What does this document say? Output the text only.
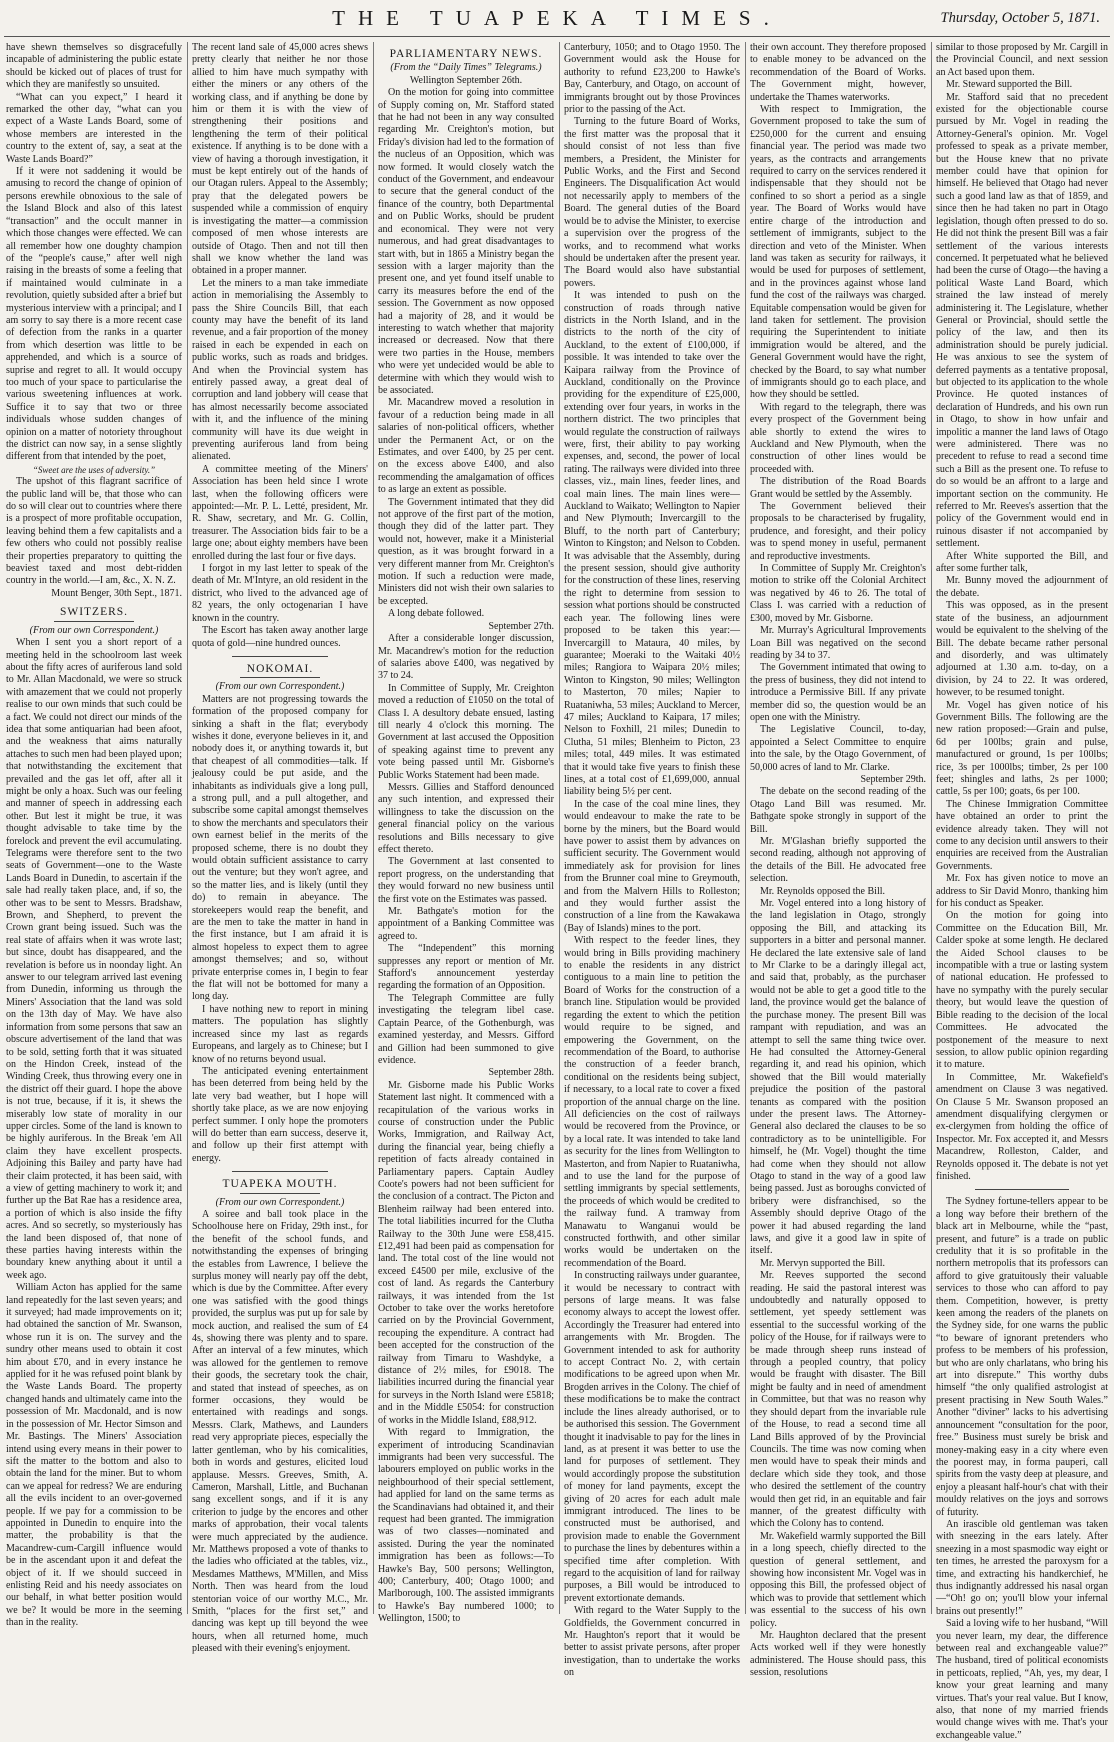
THE TUAPEKA TIMES.	Thursday, October 5, 1871.

have shewn themselves so disgracefully incapable of administering the public estate should be kicked out of places of trust for which they are manifestly so unsuited.

“What can you expect,” I heard it remarked the other day, “what can you expect of a Waste Lands Board, some of whose members are interested in the country to the extent of, say, a seat at the Waste Lands Board?”

If it were not saddening it would be amusing to record the change of opinion of persons erewhile obnoxious to the sale of the Island Block and also of this latest “transaction” and the occult manner in which those changes were effected. We can all remember how one doughty champion of the “people's cause,” after well nigh raising in the breasts of some a feeling that if maintained would culminate in a revolution, quietly subsided after a brief but mysterious interview with a principal; and I am sorry to say there is a more recent case of defection from the ranks in a quarter from which desertion was little to be apprehended, and which is a source of suprise and regret to all. It would occupy too much of your space to particularise the various sweetening influences at work. Suffice it to say that two or three individuals whose sudden changes of opinion on a matter of notoriety throughout the district can now say, in a sense slightly different from that intended by the poet,

“Sweet are the uses of adversity.”

The upshot of this flagrant sacrifice of the public land will be, that those who can do so will clear out to countries where there is a prospect of more profitable occupation, leaving behind them a few capitalists and a few others who could not possibly realise their properties preparatory to quitting the beaviest taxed and most debt-ridden country in the world.—I am, &c., X. N. Z.

Mount Benger, 30th Sept., 1871.

SWITZERS.

(From our own Correspondent.)

When I sent you a short report of a meeting held in the schoolroom last week about the fifty acres of auriferous land sold to Mr. Allan Macdonald, we were so struck with amazement that we could not properly realise to our own minds that such could be a fact. We could not direct our minds of the idea that some antiquarian had been afoot, and the weakness that aims naturally attaches to such men had been played upon; that notwithstanding the excitement that prevailed and the gas let off, after all it might be only a hoax. Such was our feeling and manner of speech in addressing each other. But lest it might be true, it was thought advisable to take time by the forelock and prevent the evil accumulating. Telegrams were therefore sent to the two seats of Government—one to the Waste Lands Board in Dunedin, to ascertain if the sale had really taken place, and, if so, the other was to be sent to Messrs. Bradshaw, Brown, and Shepherd, to prevent the Crown grant being issued. Such was the real state of affairs when it was wrote last; but since, doubt has disappeared, and the revelation is before us in noonday light. An answer to our telegram arrived last evening from Dunedin, informing us through the Miners' Association that the land was sold on the 13th day of May. We have also information from some persons that saw an obscure advertisement of the land that was to be sold, setting forth that it was situated on the Hindon Creek, instead of the Winding Creek, thus throwing every one in the district off their guard. I hope the above is not true, because, if it is, it shews the miserably low state of morality in our upper circles. Some of the land is known to be highly auriferous. In the Break 'em All claim they have excellent prospects. Adjoining this Bailey and party have had their claim protected, it has been said, with a view of getting machinery to work it; and further up the Bat Rae has a residence area, a portion of which is also inside the fifty acres. And so secretly, so mysteriously has the land been disposed of, that none of these parties having interests within the boundary knew anything about it until a week ago.

William Acton has applied for the same land repeatedly for the last seven years; and it surveyed; had made improvements on it; had obtained the sanction of Mr. Swanson, whose run it is on. The survey and the sundry other means used to obtain it cost him about £70, and in every instance he applied for it he was refused point blank by the Waste Lands Board. The property changed hands and ultimately came into the possession of Mr. Macdonald, and is now in the possession of Mr. Hector Simson and Mr. Bastings. The Miners' Association intend using every means in their power to sift the matter to the bottom and also to obtain the land for the miner. But to whom can we appeal for redress? We are enduring all the evils incident to an over-governed people. If we pay for a commission to be appointed in Dunedin to enquire into the matter, the probability is that the Macandrew-cum-Cargill influence would be in the ascendant upon it and defeat the object of it. If we should succeed in enlisting Reid and his needy associates on our behalf, in what better position would we be? It would be more in the seeming than in the reality.

The recent land sale of 45,000 acres shews pretty clearly that neither he nor those allied to him have much sympathy with either the miners or any others of the working class, and if anything be done by him or them it is with the view of strengthening their positions and lengthening the term of their political existence. If anything is to be done with a view of having a thorough investigation, it must be kept entirely out of the hands of our Otagan rulers. Appeal to the Assembly; pray that the delegated powers be suspended while a commission of enquiry is investigating the matter—a commission composed of men whose interests are outside of Otago. Then and not till then shall we know whether the land was obtained in a proper manner.

Let the miners to a man take immediate action in memorialising the Assembly to pass the Shire Councils Bill, that each county may have the benefit of its land revenue, and a fair proportion of the money raised in each be expended in each on public works, such as roads and bridges. And when the Provincial system has entirely passed away, a great deal of corruption and land jobbery will cease that has almost necessarily become associated with it, and the influence of the mining community will have its due weight in preventing auriferous land from being alienated.

A committee meeting of the Miners' Association has been held since I wrote last, when the following officers were appointed:—Mr. P. L. Letté, president, Mr. R. Shaw, secretary, and Mr. G. Collin, treasurer. The Association bids fair to be a large one; about eighty members have been enrolled during the last four or five days.

I forgot in my last letter to speak of the death of Mr. M'Intyre, an old resident in the district, who lived to the advanced age of 82 years, the only octogenarian I have known in the country.

The Escort has taken away another large quota of gold—nine hundred ounces.

NOKOMAI.

(From our own Correspondent.)

Matters are not progressing towards the formation of the proposed company for sinking a shaft in the flat; everybody wishes it done, everyone believes in it, and nobody does it, or anything towards it, but that cheapest of all commodities—talk. If jealousy could be put aside, and the inhabitants as individuals give a long pull, a strong pull, and a pull altogether, and subscribe some capital amongst themselves to show the merchants and speculators their own earnest belief in the merits of the proposed scheme, there is no doubt they would obtain sufficient assistance to carry out the venture; but they won't agree, and so the matter lies, and is likely (until they do) to remain in abeyance. The storekeepers would reap the benefit, and are the men to take the matter in hand in the first instance, but I am afraid it is almost hopeless to expect them to agree amongst themselves; and so, without private enterprise comes in, I begin to fear the flat will not be bottomed for many a long day.

I have nothing new to report in mining matters. The population has slightly increased since my last as regards Europeans, and largely as to Chinese; but I know of no returns beyond usual.

The anticipated evening entertainment has been deterred from being held by the late very bad weather, but I hope will shortly take place, as we are now enjoying perfect summer. I only hope the promoters will do better than earn success, deserve it, and follow up their first attempt with energy.

TUAPEKA MOUTH.

(From our own Correspondent.)

A soiree and ball took place in the Schoolhouse here on Friday, 29th inst., for the benefit of the school funds, and notwithstanding the expenses of bringing the estables from Lawrence, I believe the surplus money will nearly pay off the debt, which is due by the Committee. After every one was satisfied with the good things provided, the surplus was put up for sale by mock auction, and realised the sum of £4 4s, showing there was plenty and to spare. After an interval of a few minutes, which was allowed for the gentlemen to remove their goods, the secretary took the chair, and stated that instead of speeches, as on former occasions, they would be entertained with readings and songs. Messrs. Clark, Mathews, and Launders read very appropriate pieces, especially the latter gentleman, who by his comicalities, both in words and gestures, elicited loud applause. Messrs. Greeves, Smith, A. Cameron, Marshall, Little, and Buchanan sang excellent songs, and if it is any criterion to judge by the encores and other marks of approbation, their vocal talents were much appreciated by the audience. Mr. Matthews proposed a vote of thanks to the ladies who officiated at the tables, viz., Mesdames Matthews, M'Millen, and Miss North. Then was heard from the loud stentorian voice of our worthy M.C., Mr. Smith, “places for the first set,” and dancing was kept up till beyond the wee hours, when all returned home, much pleased with their evening's enjoyment.

PARLIAMENTARY NEWS.

(From the “Daily Times” Telegrams.)

Wellington September 26th.

On the motion for going into committee of Supply coming on, Mr. Stafford stated that he had not been in any way consulted regarding Mr. Creighton's motion, but Friday's division had led to the formation of the nucleus of an Opposition, which was now formed. It would closely watch the conduct of the Government, and endeavour to secure that the general conduct of the finance of the country, both Departmental and on Public Works, should be prudent and economical. They were not very numerous, and had great disadvantages to start with, but in 1865 a Ministry began the session with a larger majority than the present one, and yet found itself unable to carry its measures before the end of the session. The Government as now opposed had a majority of 28, and it would be interesting to watch whether that majority increased or decreased. Now that there were two parties in the House, members who were yet undecided would be able to determine with which they would wish to be associated.

Mr. Macandrew moved a resolution in favour of a reduction being made in all salaries of non-political officers, whether under the Permanent Act, or on the Estimates, and over £400, by 25 per cent. on the excess above £400, and also recommending the amalgamation of offices to as large an extent as possible.

The Government intimated that they did not approve of the first part of the motion, though they did of the latter part. They would not, however, make it a Ministerial question, as it was brought forward in a very different manner from Mr. Creighton's motion. If such a reduction were made, Ministers did not wish their own salaries to be excepted.

A long debate followed.

September 27th.

After a considerable longer discussion, Mr. Macandrew's motion for the reduction of salaries above £400, was negatived by 37 to 24.

In Committee of Supply, Mr. Creighton moved a reduction of £1050 on the total of Class I. A desultory debate ensued, lasting till nearly 4 o'clock this morning. The Government at last accused the Opposition of speaking against time to prevent any vote being passed until Mr. Gisborne's Public Works Statement had been made.

Messrs. Gillies and Stafford denounced any such intention, and expressed their willingness to take the discussion on the general financial policy on the various resolutions and Bills necessary to give effect thereto.

The Government at last consented to report progress, on the understanding that they would forward no new business until the first vote on the Estimates was passed.

Mr. Bathgate's motion for the appointment of a Banking Committee was agreed to.

The “Independent” this morning suppresses any report or mention of Mr. Stafford's announcement yesterday regarding the formation of an Opposition.

The Telegraph Committee are fully investigating the telegram libel case. Captain Pearce, of the Gothenburgh, was examined yesterday, and Messrs. Gifford and Gillion had been summoned to give evidence.

September 28th.

Mr. Gisborne made his Public Works Statement last night. It commenced with a recapitulation of the various works in course of construction under the Public Works, Immigration, and Railway Act, during the financial year, being chiefly a repetition of facts already contained in Parliamentary papers. Captain Audley Coote's powers had not been sufficient for the conclusion of a contract. The Picton and Blenheim railway had been entered into. The total liabilities incurred for the Clutha Railway to the 30th June were £58,415. £12,491 had been paid as compensation for land. The total cost of the line would not exceed £4500 per mile, exclusive of the cost of land. As regards the Canterbury railways, it was intended from the 1st October to take over the works heretofore carried on by the Provincial Government, recouping the expenditure. A contract had been accepted for the construction of the railway from Timaru to Washdyke, a distance of 2½ miles, for £9018. The liabilities incurred during the financial year for surveys in the North Island were £5818; and in the Middle £5054: for construction of works in the Middle Island, £88,912.

With regard to Immigration, the experiment of introducing Scandinavian immigrants had been very successful. The labourers employed on public works in the neighbourhood of their special settlement, had applied for land on the same terms as the Scandinavians had obtained it, and their request had been granted. The immigration was of two classes—nominated and assisted. During the year the nominated immigration has been as follows:—To Hawke's Bay, 500 persons; Wellington, 400; Canterbury, 400; Otago 1000; and Marlborough, 100. The assisted immigrants to Hawke's Bay numbered 1000; to Wellington, 1500; to

Canterbury, 1050; and to Otago 1950. The Government would ask the House for authority to refund £23,200 to Hawke's Bay, Canterbury, and Otago, on account of immigrants brought out by those Provinces prior to the passing of the Act.

Turning to the future Board of Works, the first matter was the proposal that it should consist of not less than five members, a President, the Minister for Public Works, and the First and Second Engineers. The Disqualification Act would not necessarily apply to members of the Board. The general duties of the Board would be to advise the Minister, to exercise a supervision over the progress of the works, and to recommend what works should be undertaken after the present year. The Board would also have substantial powers.

It was intended to push on the construction of roads through native districts in the North Island, and in the districts to the north of the city of Auckland, to the extent of £100,000, if possible. It was intended to take over the Kaipara railway from the Province of Auckland, conditionally on the Province providing for the expenditure of £25,000, extending over four years, in works in the northern district. The two principles that would regulate the construction of railways were, first, their ability to pay working expenses, and, second, the power of local rating. The railways were divided into three classes, viz., main lines, feeder lines, and coal main lines. The main lines were—Auckland to Waikato; Wellington to Napier and New Plymouth; Invercargill to the Bluff, to the north part of Canterbury; Winton to Kingston; and Nelson to Cobden. It was advisable that the Assembly, during the present session, should give authority for the construction of these lines, reserving the right to determine from session to session what portions should be constructed each year. The following lines were proposed to be taken this year:—Invercargill to Mataura, 40 miles, by guarantee; Moeraki to the Waitaki 40½ miles; Rangiora to Waipara 20½ miles; Winton to Kingston, 90 miles; Wellington to Masterton, 70 miles; Napier to Ruataniwha, 53 miles; Auckland to Mercer, 47 miles; Auckland to Kaipara, 17 miles; Nelson to Foxhill, 21 miles; Dunedin to Clutha, 51 miles; Blenheim to Picton, 23 miles; total, 449 miles. It was estimated that it would take five years to finish these lines, at a total cost of £1,699,000, annual liability being 5½ per cent.

In the case of the coal mine lines, they would endeavour to make the rate to be borne by the miners, but the Board would have power to assist them by advances on sufficient security. The Government would immediately ask for provision for lines from the Brunner coal mine to Greymouth, and from the Malvern Hills to Rolleston; and they would further assist the construction of a line from the Kawakawa (Bay of Islands) mines to the port.

With respect to the feeder lines, they would bring in Bills providing machinery to enable the residents in any district contiguous to a main line to petition the Board of Works for the construction of a branch line. Stipulation would be provided regarding the extent to which the petition would require to be signed, and empowering the Government, on the recommendation of the Board, to authorise the construction of a feeder branch, conditional on the residents being subject, if necessary, to a local rate to cover a fixed proportion of the annual charge on the line. All deficiencies on the cost of railways would be recovered from the Province, or by a local rate. It was intended to take land as security for the lines from Wellington to Masterton, and from Napier to Ruataniwha, and to use the land for the purpose of settling immigrants by special settlements, the proceeds of which would be credited to the railway fund. A tramway from Manawatu to Wanganui would be constructed forthwith, and other similar works would be undertaken on the recommendation of the Board.

In constructing railways under guarantee, it would be necessary to contract with persons of large means. It was false economy always to accept the lowest offer. Accordingly the Treasurer had entered into arrangements with Mr. Brogden. The Government intended to ask for authority to accept Contract No. 2, with certain modifications to be agreed upon when Mr. Brogden arrives in the Colony. The chief of these modifications be to make the contract include the lines already authorised, or to be authorised this session. The Government thought it inadvisable to pay for the lines in land, as at present it was better to use the land for purposes of settlement. They would accordingly propose the substitution of money for land payments, except the giving of 20 acres for each adult male immigrant introduced. The lines to be constructed must be authorised, and provision made to enable the Government to purchase the lines by debentures within a specified time after completion. With regard to the acquisition of land for railway purposes, a Bill would be introduced to prevent extortionate demands.

With regard to the Water Supply to the Goldfields, the Government concurred in Mr. Haughton's report that it would be better to assist private persons, after proper investigation, than to undertake the works on

their own account. They therefore proposed to enable money to be advanced on the recommendation of the Board of Works. The Government might, however, undertake the Thames waterworks.

With respect to Immigration, the Government proposed to take the sum of £250,000 for the current and ensuing financial year. The period was made two years, as the contracts and arrangements required to carry on the services rendered it indispensable that they should not be confined to so short a period as a single year. The Board of Works would have entire charge of the introduction and settlement of immigrants, subject to the direction and veto of the Minister. When land was taken as security for railways, it would be used for purposes of settlement, and in the provinces against whose land fund the cost of the railways was charged. Equitable compensation would be given for land taken for settlement. The provision requiring the Superintendent to initiate immigration would be altered, and the General Government would have the right, checked by the Board, to say what number of immigrants should go to each place, and how they should be settled.

With regard to the telegraph, there was every prospect of the Government being able shortly to extend the wires to Auckland and New Plymouth, when the construction of other lines would be proceeded with.

The distribution of the Road Boards Grant would be settled by the Assembly.

The Government believed their proposals to be characterised by frugality, prudence, and foresight, and their policy was to spend money in useful, permanent and reproductive investments.

In Committee of Supply Mr. Creighton's motion to strike off the Colonial Architect was negatived by 46 to 26. The total of Class I. was carried with a reduction of £300, moved by Mr. Gisborne.

Mr. Murray's Agricultural Improvements Loan Bill was negatived on the second reading by 34 to 37.

The Government intimated that owing to the press of business, they did not intend to introduce a Permissive Bill. If any private member did so, the question would be an open one with the Ministry.

The Legislative Council, to-day, appointed a Select Committee to enquire into the sale, by the Otago Government, of 50,000 acres of land to Mr. Clarke.

September 29th.

The debate on the second reading of the Otago Land Bill was resumed. Mr. Bathgate spoke strongly in support of the Bill.

Mr. M'Glashan briefly supported the second reading, although not approving of the details of the Bill. He advocated free selection.

Mr. Reynolds opposed the Bill.

Mr. Vogel entered into a long history of the land legislation in Otago, strongly opposing the Bill, and attacking its supporters in a bitter and personal manner. He declared the late extensive sale of land to Mr Clarke to be a daringly illegal act, and said that, probably, as the purchaser would not be able to get a good title to the land, the province would get the balance of the purchase money. The present Bill was rampant with repudiation, and was an attempt to sell the same thing twice over. He had consulted the Attorney-General regarding it, and read his opinion, which showed that the Bill would materially prejudice the position of the pastoral tenants as compared with the position under the present laws. The Attorney-General also declared the clauses to be so contradictory as to be unintelligible. For himself, he (Mr. Vogel) thought the time had come when they should not allow Otago to stand in the way of a good law being passed. Just as boroughs convicted of bribery were disfranchised, so the Assembly should deprive Otago of the power it had abused regarding the land laws, and give it a good law in spite of itself.

Mr. Mervyn supported the Bill.

Mr. Reeves supported the second reading. He said the pastoral interest was undoubtedly and naturally opposed to settlement, yet speedy settlement was essential to the successful working of the policy of the House, for if railways were to be made through sheep runs instead of through a peopled country, that policy would be fraught with disaster. The Bill might be faulty and in need of amendment in Committee, but that was no reason why they should depart from the invariable rule of the House, to read a second time all Land Bills approved of by the Provincial Councils. The time was now coming when men would have to speak their minds and declare which side they took, and those who desired the settlement of the country would then get rid, in an equitable and fair manner, of the greatest difficulty with which the Colony has to contend.

Mr. Wakefield warmly supported the Bill in a long speech, chiefly directed to the question of general settlement, and showing how inconsistent Mr. Vogel was in opposing this Bill, the professed object of which was to provide that settlement which was essential to the success of his own policy.

Mr. Haughton declared that the present Acts worked well if they were honestly administered. The House should pass, this session, resolutions

similar to those proposed by Mr. Cargill in the Provincial Council, and next session an Act based upon them.

Mr. Steward supported the Bill.

Mr. Stafford said that no precedent existed for the objectionable course pursued by Mr. Vogel in reading the Attorney-General's opinion. Mr. Vogel professed to speak as a private member, but the House knew that no private member could have that opinion for himself. He believed that Otago had never such a good land law as that of 1859, and since then he had taken no part in Otago legislation, though often pressed to do so. He did not think the present Bill was a fair settlement of the various interests concerned. It perpetuated what he believed had been the curse of Otago—the having a political Waste Land Board, which strained the law instead of merely administering it. The Legislature, whether General or Provincial, should settle the policy of the law, and then its administration should be purely judicial. He was anxious to see the system of deferred payments as a tentative proposal, but objected to its application to the whole Province. He quoted instances of declaration of Hundreds, and his own run in Otago, to show in how unfair and impolitic a manner the land laws of Otago were administered. There was no precedent to refuse to read a second time such a Bill as the present one. To refuse to do so would be an affront to a large and important section on the community. He referred to Mr. Reeves's assertion that the policy of the Government would end in ruinous disaster if not accompanied by settlement.

After White supported the Bill, and after some further talk,

Mr. Bunny moved the adjournment of the debate.

This was opposed, as in the present state of the business, an adjournment would be equivalent to the shelving of the Bill. The debate became rather personal and disorderly, and was ultimately adjourned at 1.30 a.m. to-day, on a division, by 24 to 22. It was ordered, however, to be resumed tonight.

Mr. Vogel has given notice of his Government Bills. The following are the new ration proposed:—Grain and pulse, 6d per 100lbs; grain and pulse, manufactured or ground, 1s per 100lbs; rice, 3s per 1000lbs; timber, 2s per 100 feet; shingles and laths, 2s per 1000; cattle, 5s per 100; goats, 6s per 100.

The Chinese Immigration Committee have obtained an order to print the evidence already taken. They will not come to any decision until answers to their enquiries are received from the Australian Governments.

Mr. Fox has given notice to move an address to Sir David Monro, thanking him for his conduct as Speaker.

On the motion for going into Committee on the Education Bill, Mr. Calder spoke at some length. He declared the Aided School clauses to be incompatible with a true or lasting system of national education. He professed to have no sympathy with the purely secular theory, but would leave the question of Bible reading to the decision of the local Committees. He advocated the postponement of the measure to next session, to allow public opinion regarding it to mature.

In Committee, Mr. Wakefield's amendment on Clause 3 was negatived. On Clause 5 Mr. Swanson proposed an amendment disqualifying clergymen or ex-clergymen from holding the office of Inspector. Mr. Fox accepted it, and Messrs Macandrew, Rolleston, Calder, and Reynolds opposed it. The debate is not yet finished.

The Sydney fortune-tellers appear to be a long way before their brethern of the black art in Melbourne, while the “past, present, and future” is a trade on public credulity that it is so profitable in the northern metropolis that its professors can afford to give gratuitously their valuable services to those who can afford to pay them. Competition, however, is pretty keen among the readers of the planets on the Sydney side, for one warns the public “to beware of ignorant pretenders who profess to be members of his profession, but who are only charlatans, who bring his art into disrepute.” This worthy dubs himself “the only qualified astrologist at present practising in New South Wales.” Another “diviner” lacks to his advertising announcement “consultation for the poor, free.” Business must surely be brisk and money-making easy in a city where even the poorest may, in forma pauperi, call spirits from the vasty deep at pleasure, and enjoy a pleasant half-hour's chat with their mouldy relatives on the joys and sorrows of futurity.

An irascible old gentleman was taken with sneezing in the ears lately. After sneezing in a most spasmodic way eight or ten times, he arrested the paroxysm for a time, and extracting his handkerchief, he thus indignantly addressed his nasal organ—“Oh! go on; you'll blow your infernal brains out presently!”

Said a loving wife to her husband, “Will you never learn, my dear, the difference between real and exchangeable value?” The husband, tired of political economists in petticoats, replied, “Ah, yes, my dear, I know your great learning and many virtues. That's your real value. But I know, also, that none of my married friends would change wives with me. That's your exchangeable value.”
